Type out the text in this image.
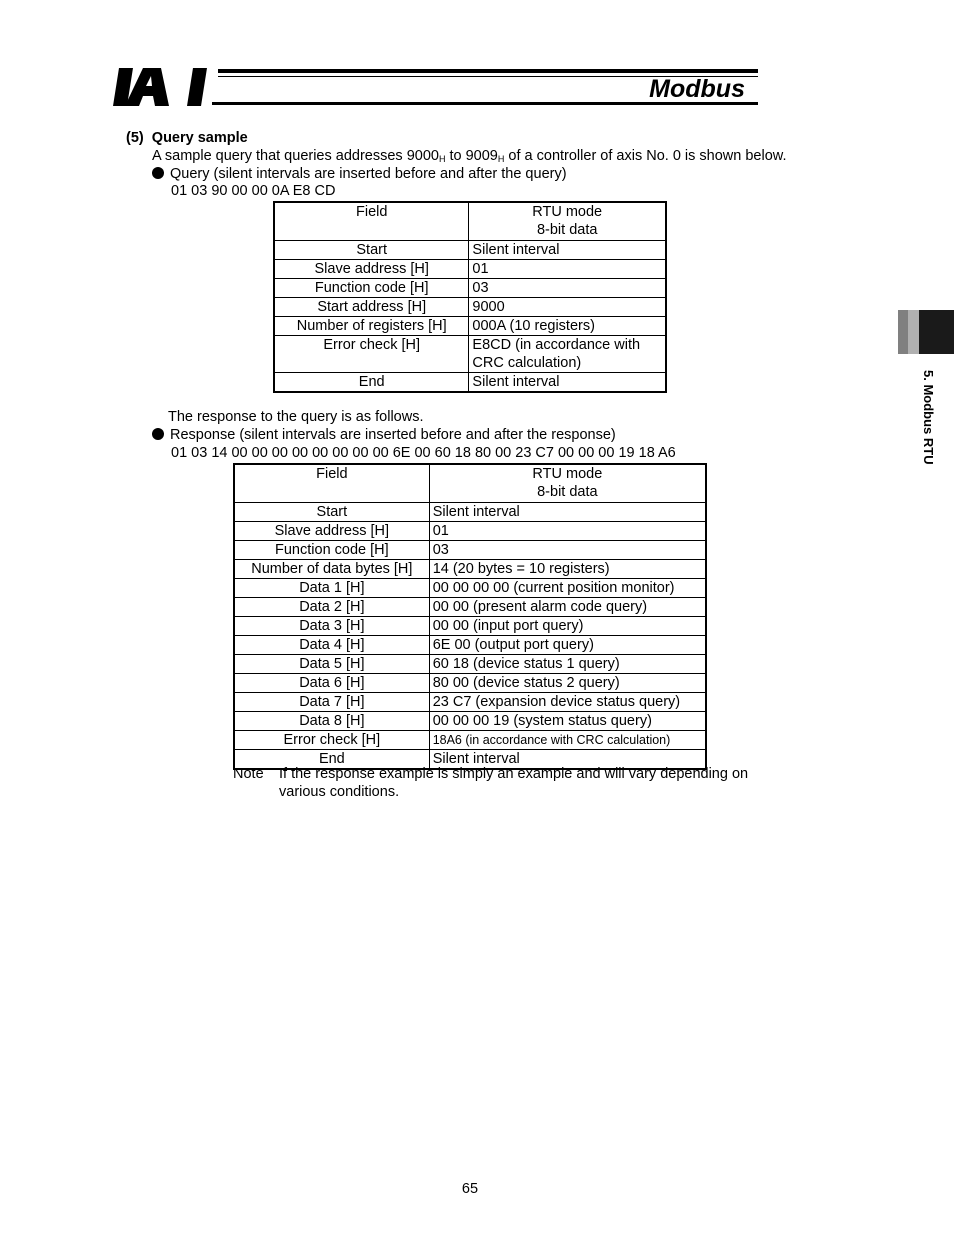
Modbus
5. Modbus RTU
(5) Query sample
A sample query that queries addresses $9000_H$ to $9009_H$ of a controller of axis No. 0 is shown below.
Query (silent intervals are inserted before and after the query)
01 03 90 00 00 0A E8 CD
Field	RTU mode
8-bit data
Start	Silent interval
Slave address [H]	01
Function code [H]	03
Start address [H]	9000
Number of registers [H]	000A (10 registers)
Error check [H]	E8CD (in accordance with
CRC calculation)
End	Silent interval
The response to the query is as follows.
Response (silent intervals are inserted before and after the response)
01 03 14 00 00 00 00 00 00 00 00 6E 00 60 18 80 00 23 C7 00 00 00 19 18 A6
Field	RTU mode
8-bit data
Start	Silent interval
Slave address [H]	01
Function code [H]	03
Number of data bytes [H]	14 (20 bytes = 10 registers)
Data 1 [H]	00 00 00 00 (current position monitor)
Data 2 [H]	00 00 (present alarm code query)
Data 3 [H]	00 00 (input port query)
Data 4 [H]	6E 00 (output port query)
Data 5 [H]	60 18 (device status 1 query)
Data 6 [H]	80 00 (device status 2 query)
Data 7 [H]	23 C7 (expansion device status query)
Data 8 [H]	00 00 00 19 (system status query)
Error check [H]	18A6 (in accordance with CRC calculation)
End	Silent interval
Note If the response example is simply an example and will vary depending on
various conditions.
65
